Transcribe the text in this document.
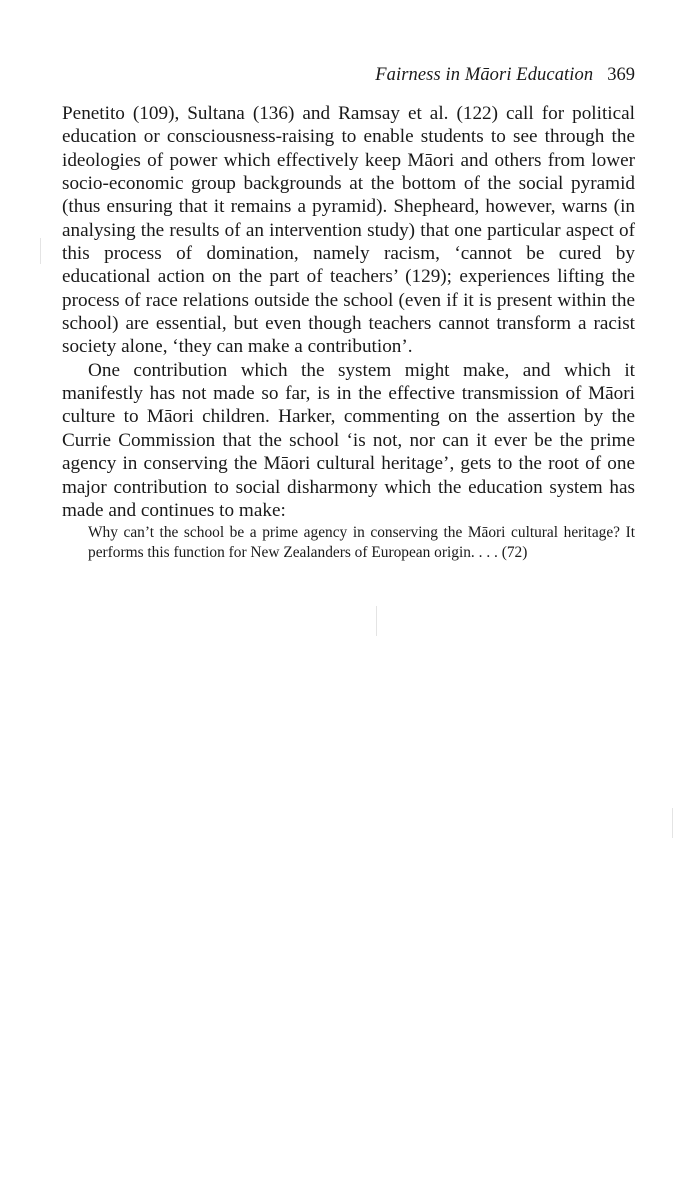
Fairness in Māori Education 369

Penetito (109), Sultana (136) and Ramsay et al. (122) call for political education or consciousness-raising to enable students to see through the ideologies of power which effectively keep Māori and others from lower socio-economic group backgrounds at the bottom of the social pyramid (thus ensuring that it remains a pyramid). Shepheard, however, warns (in analysing the results of an intervention study) that one particular aspect of this process of domination, namely racism, ‘cannot be cured by educational action on the part of teachers’ (129); experiences lifting the process of race relations outside the school (even if it is present within the school) are essential, but even though teachers cannot transform a racist society alone, ‘they can make a contribution’.

One contribution which the system might make, and which it manifestly has not made so far, is in the effective transmission of Māori culture to Māori children. Harker, commenting on the assertion by the Currie Commission that the school ‘is not, nor can it ever be the prime agency in conserving the Māori cultural heritage’, gets to the root of one major contribution to social disharmony which the education system has made and continues to make:

Why can’t the school be a prime agency in conserving the Māori cultural heritage? It performs this function for New Zealanders of European origin. . . . (72)
